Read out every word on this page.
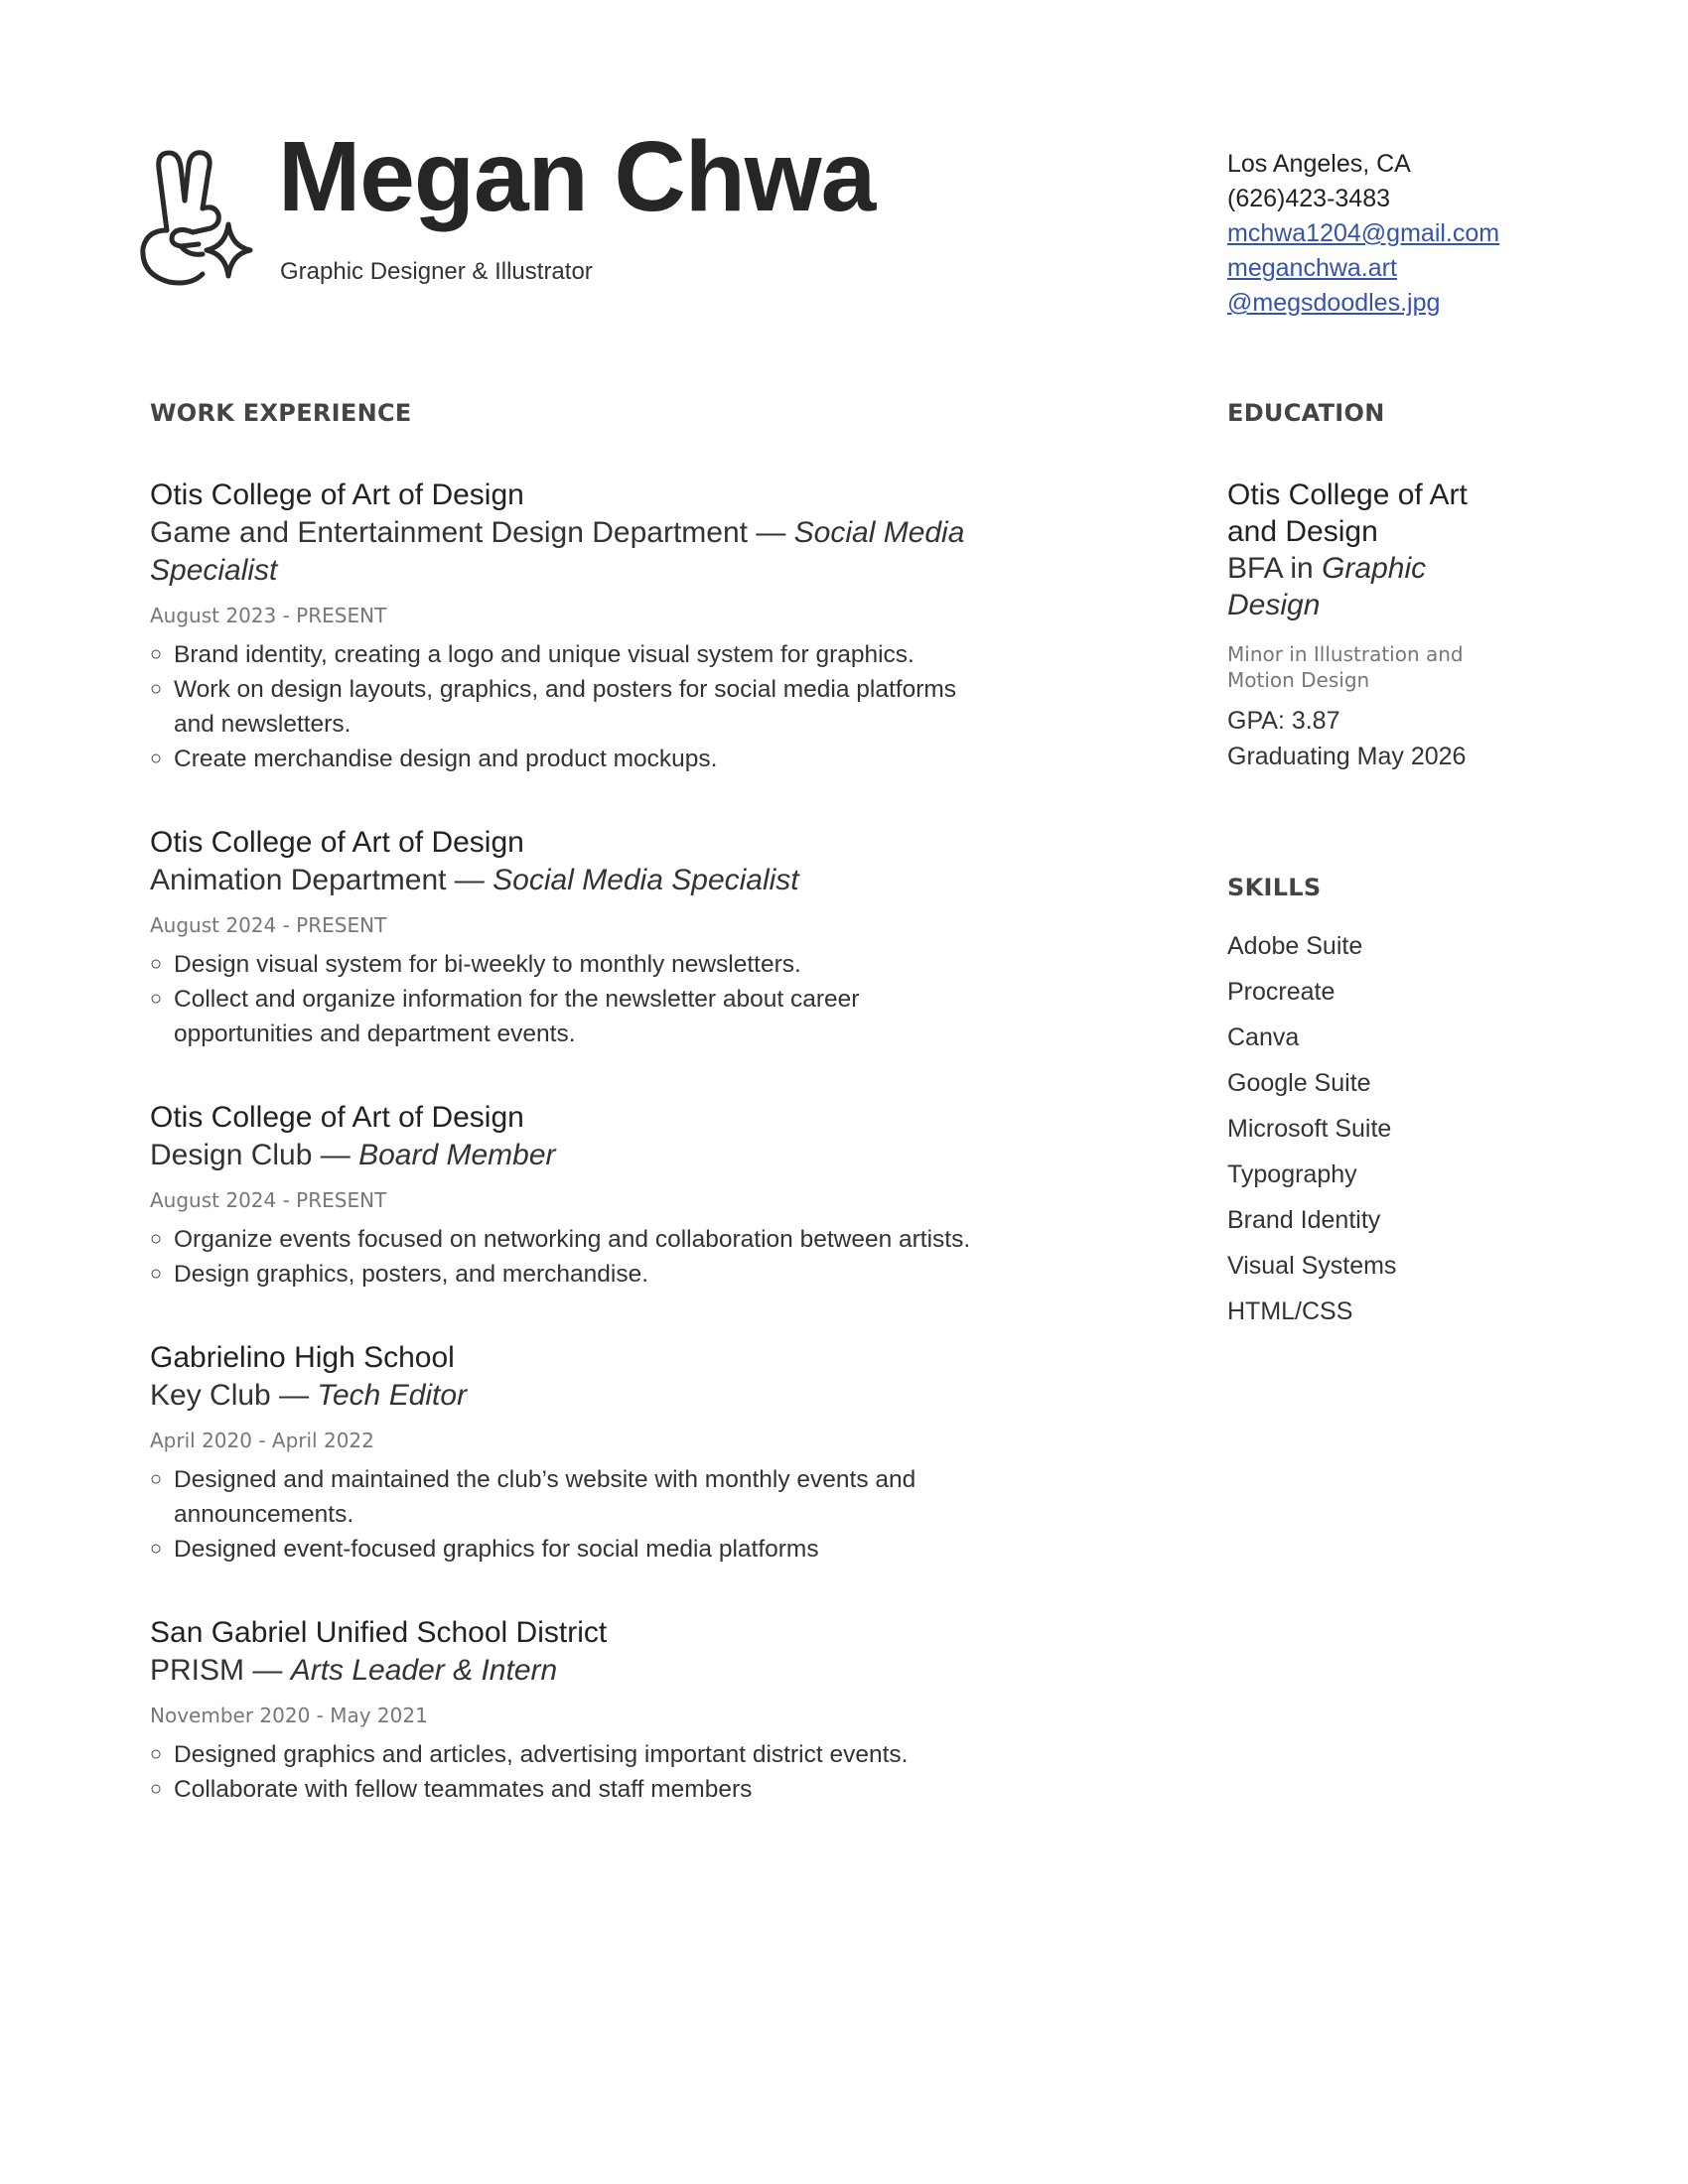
Megan Chwa
Graphic Designer & Illustrator
Los Angeles, CA
(626)423-3483
mchwa1204@gmail.com
meganchwa.art
@megsdoodles.jpg
WORK EXPERIENCE
Otis College of Art of Design
Game and Entertainment Design Department — Social Media Specialist
August 2023 - PRESENT
○ Brand identity, creating a logo and unique visual system for graphics.
○ Work on design layouts, graphics, and posters for social media platforms and newsletters.
○ Create merchandise design and product mockups.
Otis College of Art of Design
Animation Department — Social Media Specialist
August 2024 - PRESENT
○ Design visual system for bi-weekly to monthly newsletters.
○ Collect and organize information for the newsletter about career opportunities and department events.
Otis College of Art of Design
Design Club — Board Member
August 2024 - PRESENT
○ Organize events focused on networking and collaboration between artists.
○ Design graphics, posters, and merchandise.
Gabrielino High School
Key Club — Tech Editor
April 2020 - April 2022
○ Designed and maintained the club’s website with monthly events and announcements.
○ Designed event-focused graphics for social media platforms
San Gabriel Unified School District
PRISM — Arts Leader & Intern
November 2020 - May 2021
○ Designed graphics and articles, advertising important district events.
○ Collaborate with fellow teammates and staff members
EDUCATION
Otis College of Art and Design
BFA in Graphic Design
Minor in Illustration and Motion Design
GPA: 3.87
Graduating May 2026
SKILLS
Adobe Suite
Procreate
Canva
Google Suite
Microsoft Suite
Typography
Brand Identity
Visual Systems
HTML/CSS
